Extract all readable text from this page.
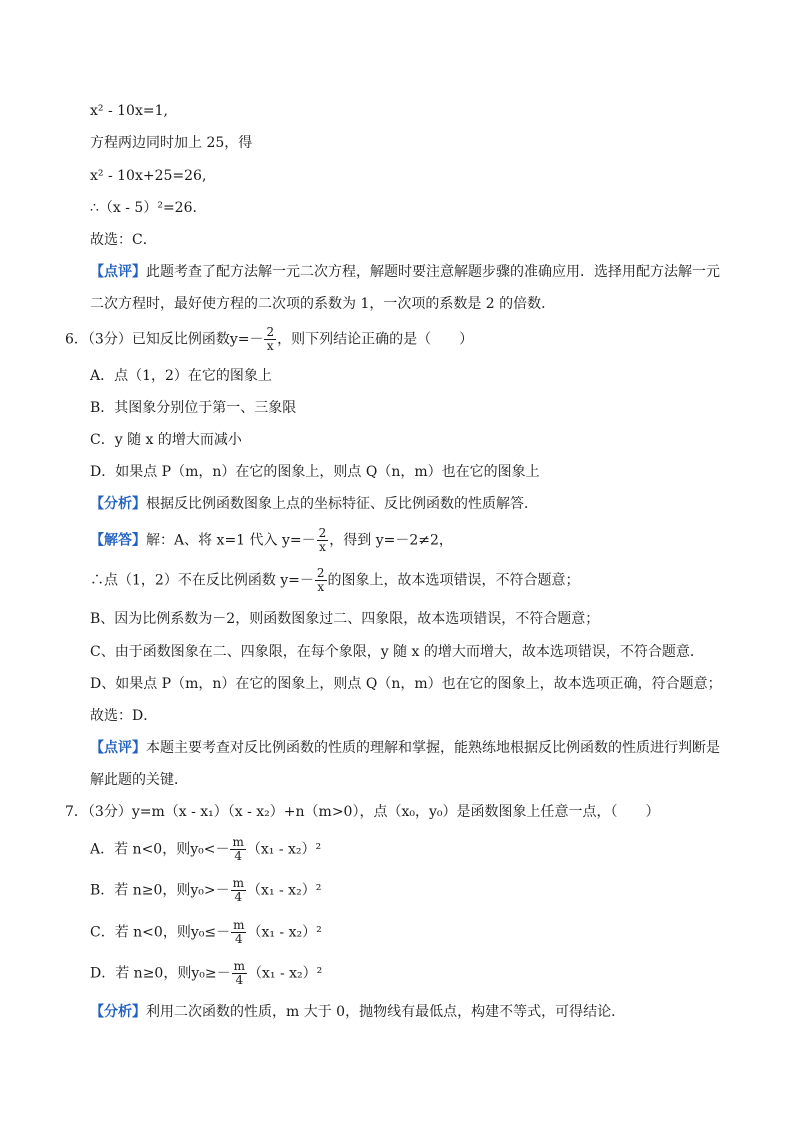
x² - 10x=1,
方程两边同时加上 25，得
x² - 10x+25=26,
∴（x - 5）²=26．
故选：C．
【点评】此题考查了配方法解一元二次方程，解题时要注意解题步骤的准确应用．选择用配方法解一元
二次方程时，最好使方程的二次项的系数为 1，一次项的系数是 2 的倍数．
6．（3分）已知反比例函数$y=- \frac{2}{x}$ ，则下列结论正确的是（　　）
A．点（1，2）在它的图象上
B．其图象分别位于第一、三象限
C．y 随 x 的增大而减小
D．如果点 P（m，n）在它的图象上，则点 Q（n，m）也在它的图象上
【分析】根据反比例函数图象上点的坐标特征、反比例函数的性质解答．
【解答】解：A、将 x=1 代入 $y=- \frac{2}{x}$ ，得到 y=－2≠2，
∴点（1，2）不在反比例函数 $y=- \frac{2}{x}$ 的图象上，故本选项错误，不符合题意；
B、因为比例系数为－2，则函数图象过二、四象限，故本选项错误，不符合题意；
C、由于函数图象在二、四象限，在每个象限，y 随 x 的增大而增大，故本选项错误，不符合题意．
D、如果点 P（m，n）在它的图象上，则点 Q（n，m）也在它的图象上，故本选项正确，符合题意；
故选：D．
【点评】本题主要考查对反比例函数的性质的理解和掌握，能熟练地根据反比例函数的性质进行判断是
解此题的关键．
7．（3分）y=m（x - x₁）（x - x₂）+n（m>0），点（x₀，y₀）是函数图象上任意一点，（　　）
A．若 n<0，则$y_0<- \frac{m}{4} (x_1 - x_2)^2$
B．若 n≥0，则$y_0>- \frac{m}{4} (x_1 - x_2)^2$
C．若 n<0，则$y_0\le- \frac{m}{4} (x_1 - x_2)^2$
D．若 n≥0，则$y_0\ge- \frac{m}{4} (x_1 - x_2)^2$
【分析】利用二次函数的性质，m 大于 0，抛物线有最低点，构建不等式，可得结论．
